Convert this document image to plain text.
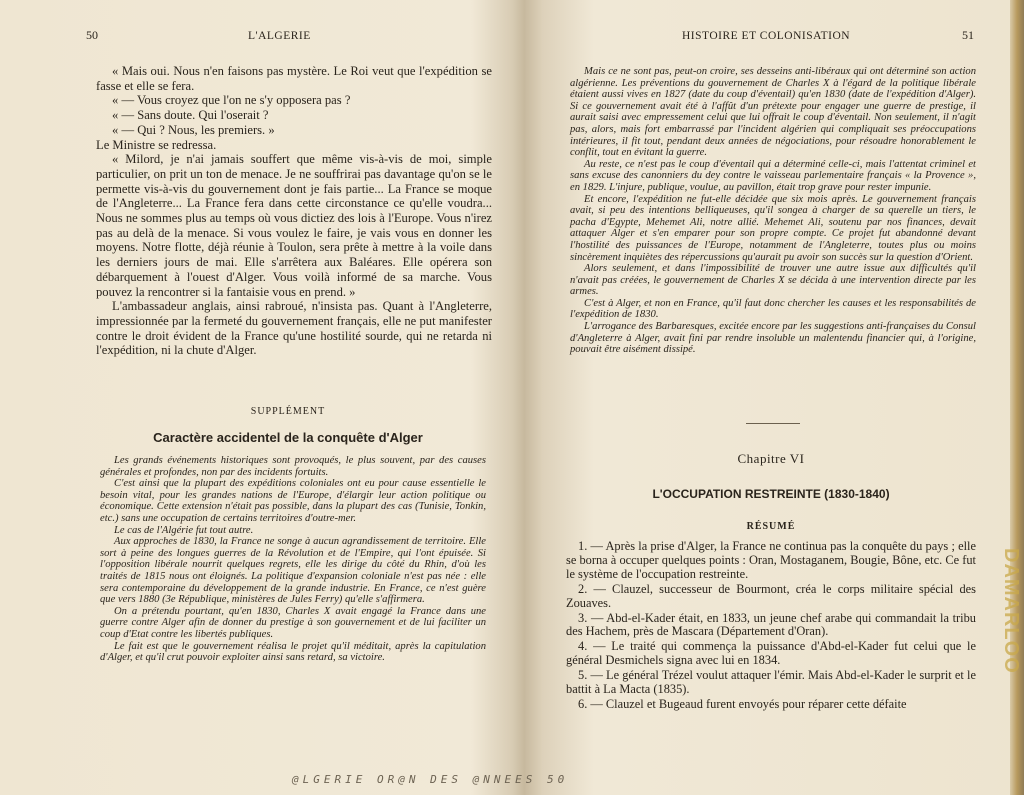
50	L'ALGERIE

« Mais oui. Nous n'en faisons pas mystère. Le Roi veut que l'expédition se fasse et elle se fera.

« — Vous croyez que l'on ne s'y opposera pas ?

« — Sans doute. Qui l'oserait ?

« — Qui ? Nous, les premiers. »

Le Ministre se redressa.

« Milord, je n'ai jamais souffert que même vis-à-vis de moi, simple particulier, on prit un ton de menace. Je ne souffrirai pas davantage qu'on se le permette vis-à-vis du gouvernement dont je fais partie... La France se moque de l'Angleterre... La France fera dans cette circonstance ce qu'elle voudra... Nous ne sommes plus au temps où vous dictiez des lois à l'Europe. Vous n'irez pas au delà de la menace. Si vous voulez le faire, je vais vous en donner les moyens. Notre flotte, déjà réunie à Toulon, sera prête à mettre à la voile dans les derniers jours de mai. Elle s'arrêtera aux Baléares. Elle opérera son débarquement à l'ouest d'Alger. Vous voilà informé de sa marche. Vous pouvez la rencontrer si la fantaisie vous en prend. »

L'ambassadeur anglais, ainsi rabroué, n'insista pas. Quant à l'Angleterre, impressionnée par la fermeté du gouvernement français, elle ne put manifester contre le droit évident de la France qu'une hostilité sourde, qui ne retarda ni l'expédition, ni la chute d'Alger.

SUPPLÉMENT
Caractère accidentel de la conquête d'Alger

Les grands événements historiques sont provoqués, le plus souvent, par des causes générales et profondes, non par des incidents fortuits.

C'est ainsi que la plupart des expéditions coloniales ont eu pour cause essentielle le besoin vital, pour les grandes nations de l'Europe, d'élargir leur action politique ou économique. Cette extension n'était pas possible, dans la plupart des cas (Tunisie, Tonkin, etc.) sans une occupation de certains territoires d'outre-mer.

Le cas de l'Algérie fut tout autre.

Aux approches de 1830, la France ne songe à aucun agrandissement de territoire. Elle sort à peine des longues guerres de la Révolution et de l'Empire, qui l'ont épuisée. Si l'opposition libérale nourrit quelques regrets, elle les dirige du côté du Rhin, d'où les traités de 1815 nous ont éloignés. La politique d'expansion coloniale n'est pas née : elle sera contemporaine du développement de la grande industrie. En France, ce n'est guère que vers 1880 (3e République, ministères de Jules Ferry) qu'elle s'affirmera.

On a prétendu pourtant, qu'en 1830, Charles X avait engagé la France dans une guerre contre Alger afin de donner du prestige à son gouvernement et de lui faciliter un coup d'Etat contre les libertés publiques.

Le fait est que le gouvernement réalisa le projet qu'il méditait, après la capitulation d'Alger, et qu'il crut pouvoir exploiter ainsi sans retard, sa victoire.

HISTOIRE ET COLONISATION	51

Mais ce ne sont pas, peut-on croire, ses desseins anti-libéraux qui ont déterminé son action algérienne. Les préventions du gouvernement de Charles X à l'égard de la politique libérale étaient aussi vives en 1827 (date du coup d'éventail) qu'en 1830 (date de l'expédition d'Alger). Si ce gouvernement avait été à l'affût d'un prétexte pour engager une guerre de prestige, il aurait saisi avec empressement celui que lui offrait le coup d'éventail. Non seulement, il n'agit pas, alors, mais fort embarrassé par l'incident algérien qui compliquait ses préoccupations intérieures, il fit tout, pendant deux années de négociations, pour résoudre honorablement le conflit, tout en évitant la guerre.

Au reste, ce n'est pas le coup d'éventail qui a déterminé celle-ci, mais l'attentat criminel et sans excuse des canonniers du dey contre le vaisseau parlementaire français « la Provence », en 1829. L'injure, publique, voulue, au pavillon, était trop grave pour rester impunie.

Et encore, l'expédition ne fut-elle décidée que six mois après. Le gouvernement français avait, si peu des intentions belliqueuses, qu'il songea à charger de sa querelle un tiers, le pacha d'Egypte, Mehemet Ali, notre allié. Mehemet Ali, soutenu par nos finances, devait attaquer Alger et s'en emparer pour son propre compte. Ce projet fut abandonné devant l'hostilité des puissances de l'Europe, notamment de l'Angleterre, toutes plus ou moins sincèrement inquiètes des répercussions qu'aurait pu avoir son succès sur la question d'Orient.

Alors seulement, et dans l'impossibilité de trouver une autre issue aux difficultés qu'il n'avait pas créées, le gouvernement de Charles X se décida à une intervention directe par les armes.

C'est à Alger, et non en France, qu'il faut donc chercher les causes et les responsabilités de l'expédition de 1830.

L'arrogance des Barbaresques, excitée encore par les suggestions anti-françaises du Consul d'Angleterre à Alger, avait fini par rendre insoluble un malentendu financier qui, à l'origine, pouvait être aisément dissipé.

Chapitre VI
L'OCCUPATION RESTREINTE (1830-1840)
RÉSUMÉ

1. — Après la prise d'Alger, la France ne continua pas la conquête du pays ; elle se borna à occuper quelques points : Oran, Mostaganem, Bougie, Bône, etc. Ce fut le système de l'occupation restreinte.

2. — Clauzel, successeur de Bourmont, créa le corps militaire spécial des Zouaves.

3. — Abd-el-Kader était, en 1833, un jeune chef arabe qui commandait la tribu des Hachem, près de Mascara (Département d'Oran).

4. — Le traité qui commença la puissance d'Abd-el-Kader fut celui que le général Desmichels signa avec lui en 1834.

5. — Le général Trézel voulut attaquer l'émir. Mais Abd-el-Kader le surprit et le battit à La Macta (1835).

6. — Clauzel et Bugeaud furent envoyés pour réparer cette défaite

DAMARLOO
@LGERIE OR@N DES @NNEES 50
